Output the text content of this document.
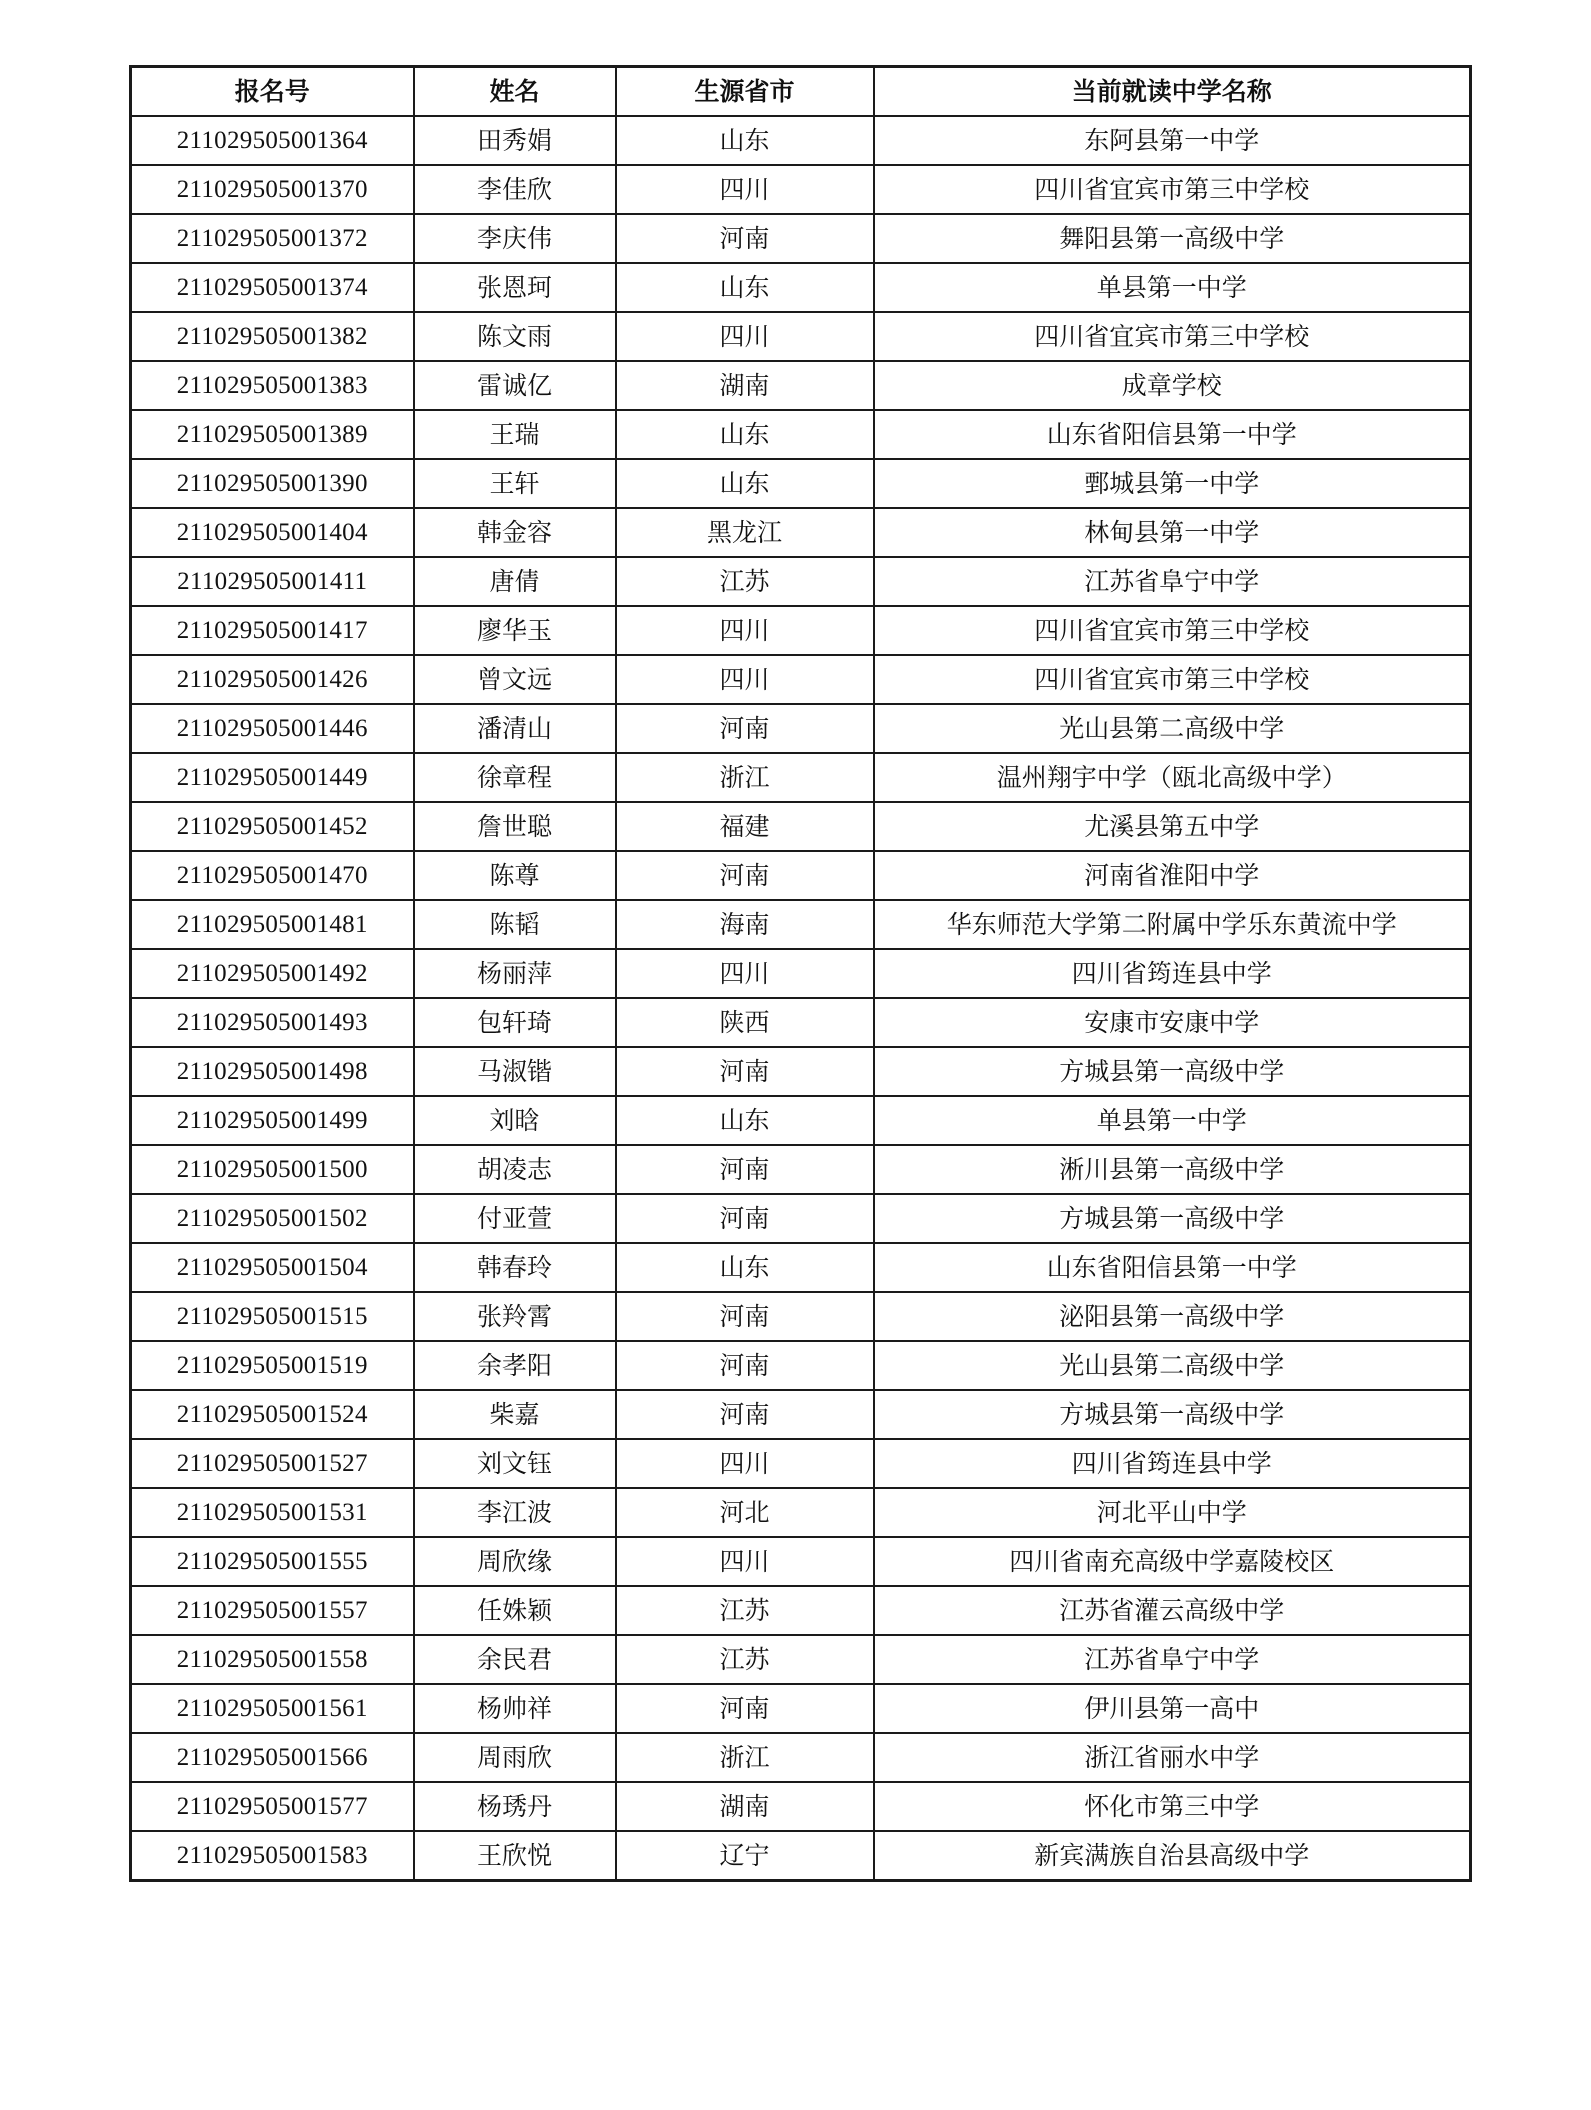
报名号	姓名	生源省市	当前就读中学名称
211029505001364	田秀娟	山东	东阿县第一中学
211029505001370	李佳欣	四川	四川省宜宾市第三中学校
211029505001372	李庆伟	河南	舞阳县第一高级中学
211029505001374	张恩珂	山东	单县第一中学
211029505001382	陈文雨	四川	四川省宜宾市第三中学校
211029505001383	雷诚亿	湖南	成章学校
211029505001389	王瑞	山东	山东省阳信县第一中学
211029505001390	王轩	山东	鄄城县第一中学
211029505001404	韩金容	黑龙江	林甸县第一中学
211029505001411	唐倩	江苏	江苏省阜宁中学
211029505001417	廖华玉	四川	四川省宜宾市第三中学校
211029505001426	曾文远	四川	四川省宜宾市第三中学校
211029505001446	潘清山	河南	光山县第二高级中学
211029505001449	徐章程	浙江	温州翔宇中学（瓯北高级中学）
211029505001452	詹世聪	福建	尤溪县第五中学
211029505001470	陈尊	河南	河南省淮阳中学
211029505001481	陈韬	海南	华东师范大学第二附属中学乐东黄流中学
211029505001492	杨丽萍	四川	四川省筠连县中学
211029505001493	包轩琦	陕西	安康市安康中学
211029505001498	马淑锴	河南	方城县第一高级中学
211029505001499	刘晗	山东	单县第一中学
211029505001500	胡凌志	河南	淅川县第一高级中学
211029505001502	付亚萱	河南	方城县第一高级中学
211029505001504	韩春玲	山东	山东省阳信县第一中学
211029505001515	张羚霄	河南	泌阳县第一高级中学
211029505001519	余孝阳	河南	光山县第二高级中学
211029505001524	柴嘉	河南	方城县第一高级中学
211029505001527	刘文钰	四川	四川省筠连县中学
211029505001531	李江波	河北	河北平山中学
211029505001555	周欣缘	四川	四川省南充高级中学嘉陵校区
211029505001557	任姝颖	江苏	江苏省灌云高级中学
211029505001558	余民君	江苏	江苏省阜宁中学
211029505001561	杨帅祥	河南	伊川县第一高中
211029505001566	周雨欣	浙江	浙江省丽水中学
211029505001577	杨琇丹	湖南	怀化市第三中学
211029505001583	王欣悦	辽宁	新宾满族自治县高级中学
